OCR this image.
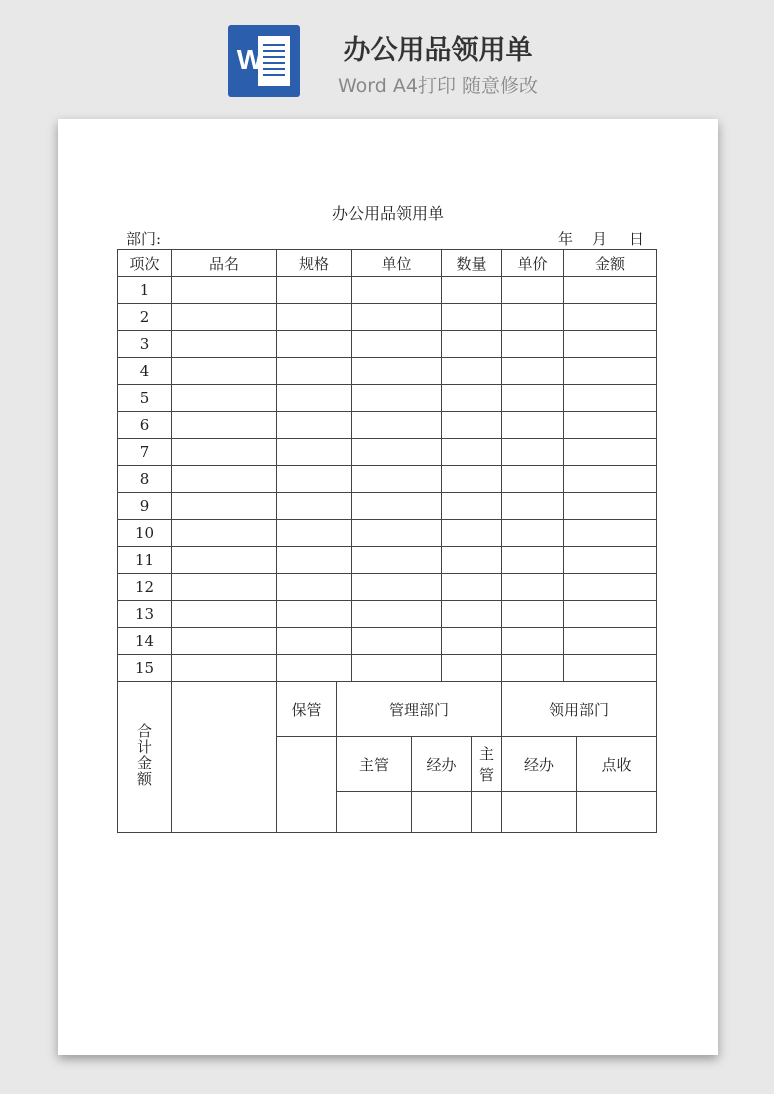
W	办公用品领用单
Word A4打印 随意修改
办公用品领用单
部门:	年 月 日
项次	品名	规格		单位		数量		单价	金额	
1										
2										
3										
4										
5										
6										
7										
8										
9										
10										
11										
12										
13										
14										
15										
合计金额		保管	管理部门					领用部门		
			主管		经办		主管	经办		点收
